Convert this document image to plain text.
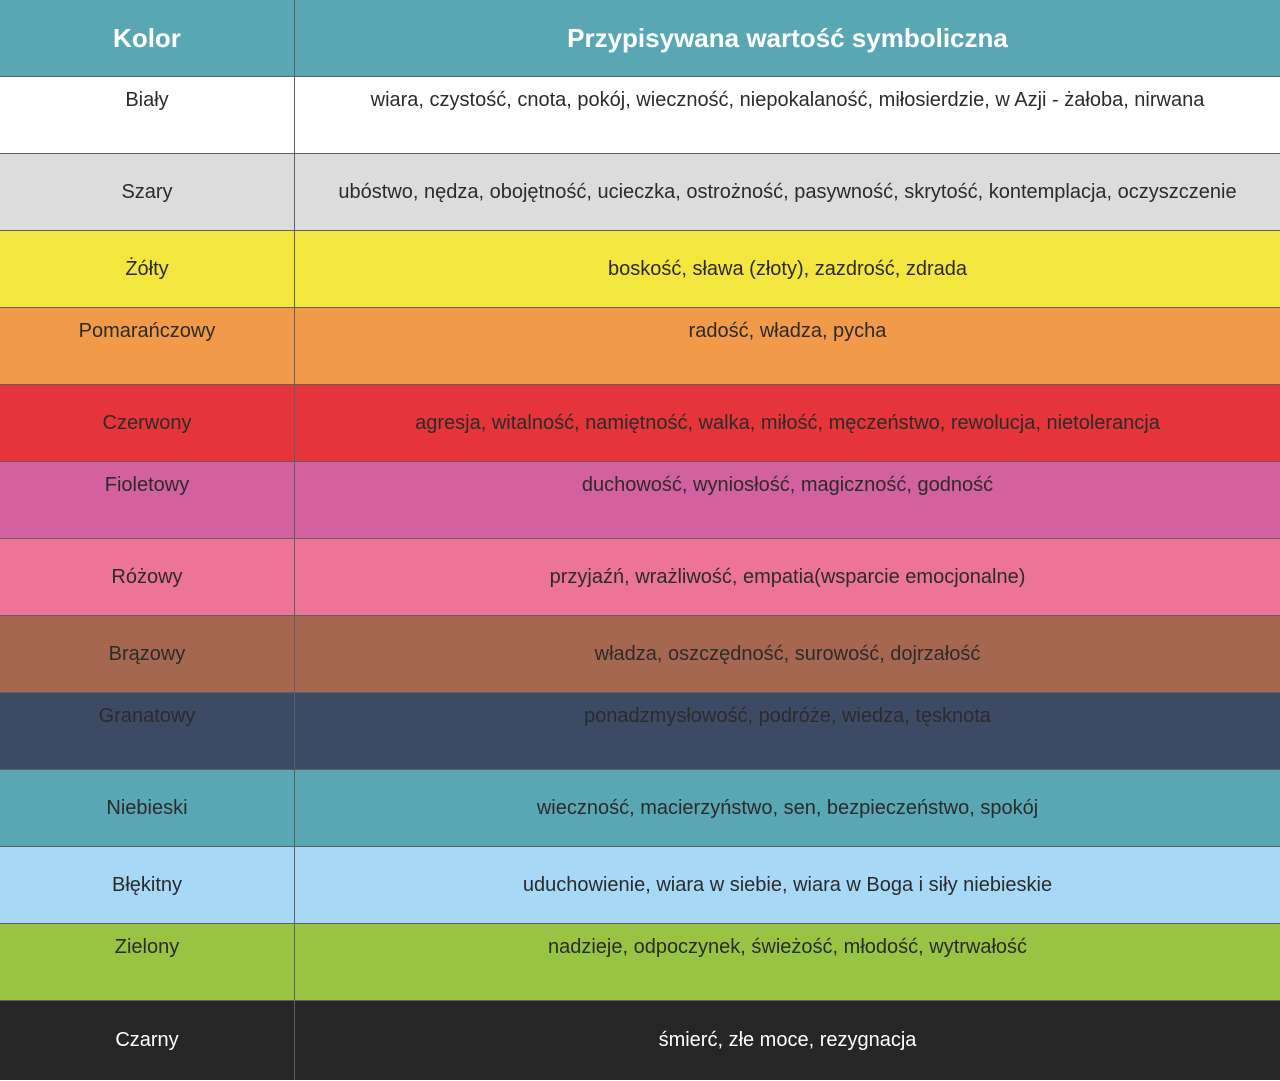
Kolor	Przypisywana wartość symboliczna
Biały	wiara, czystość, cnota, pokój, wieczność, niepokalaność, miłosierdzie, w Azji - żałoba, nirwana
Szary	ubóstwo, nędza, obojętność, ucieczka, ostrożność, pasywność, skrytość, kontemplacja, oczyszczenie
Żółty	boskość, sława (złoty), zazdrość, zdrada
Pomarańczowy	radość, władza, pycha
Czerwony	agresja, witalność, namiętność, walka, miłość, męczeństwo, rewolucja, nietolerancja
Fioletowy	duchowość, wyniosłość, magiczność, godność
Różowy	przyjaźń, wrażliwość, empatia(wsparcie emocjonalne)
Brązowy	władza, oszczędność, surowość, dojrzałość
Granatowy	ponadzmysłowość, podróże, wiedza, tęsknota
Niebieski	wieczność, macierzyństwo, sen, bezpieczeństwo, spokój
Błękitny	uduchowienie, wiara w siebie, wiara w Boga i siły niebieskie
Zielony	nadzieje, odpoczynek, świeżość, młodość, wytrwałość
Czarny	śmierć, złe moce, rezygnacja
